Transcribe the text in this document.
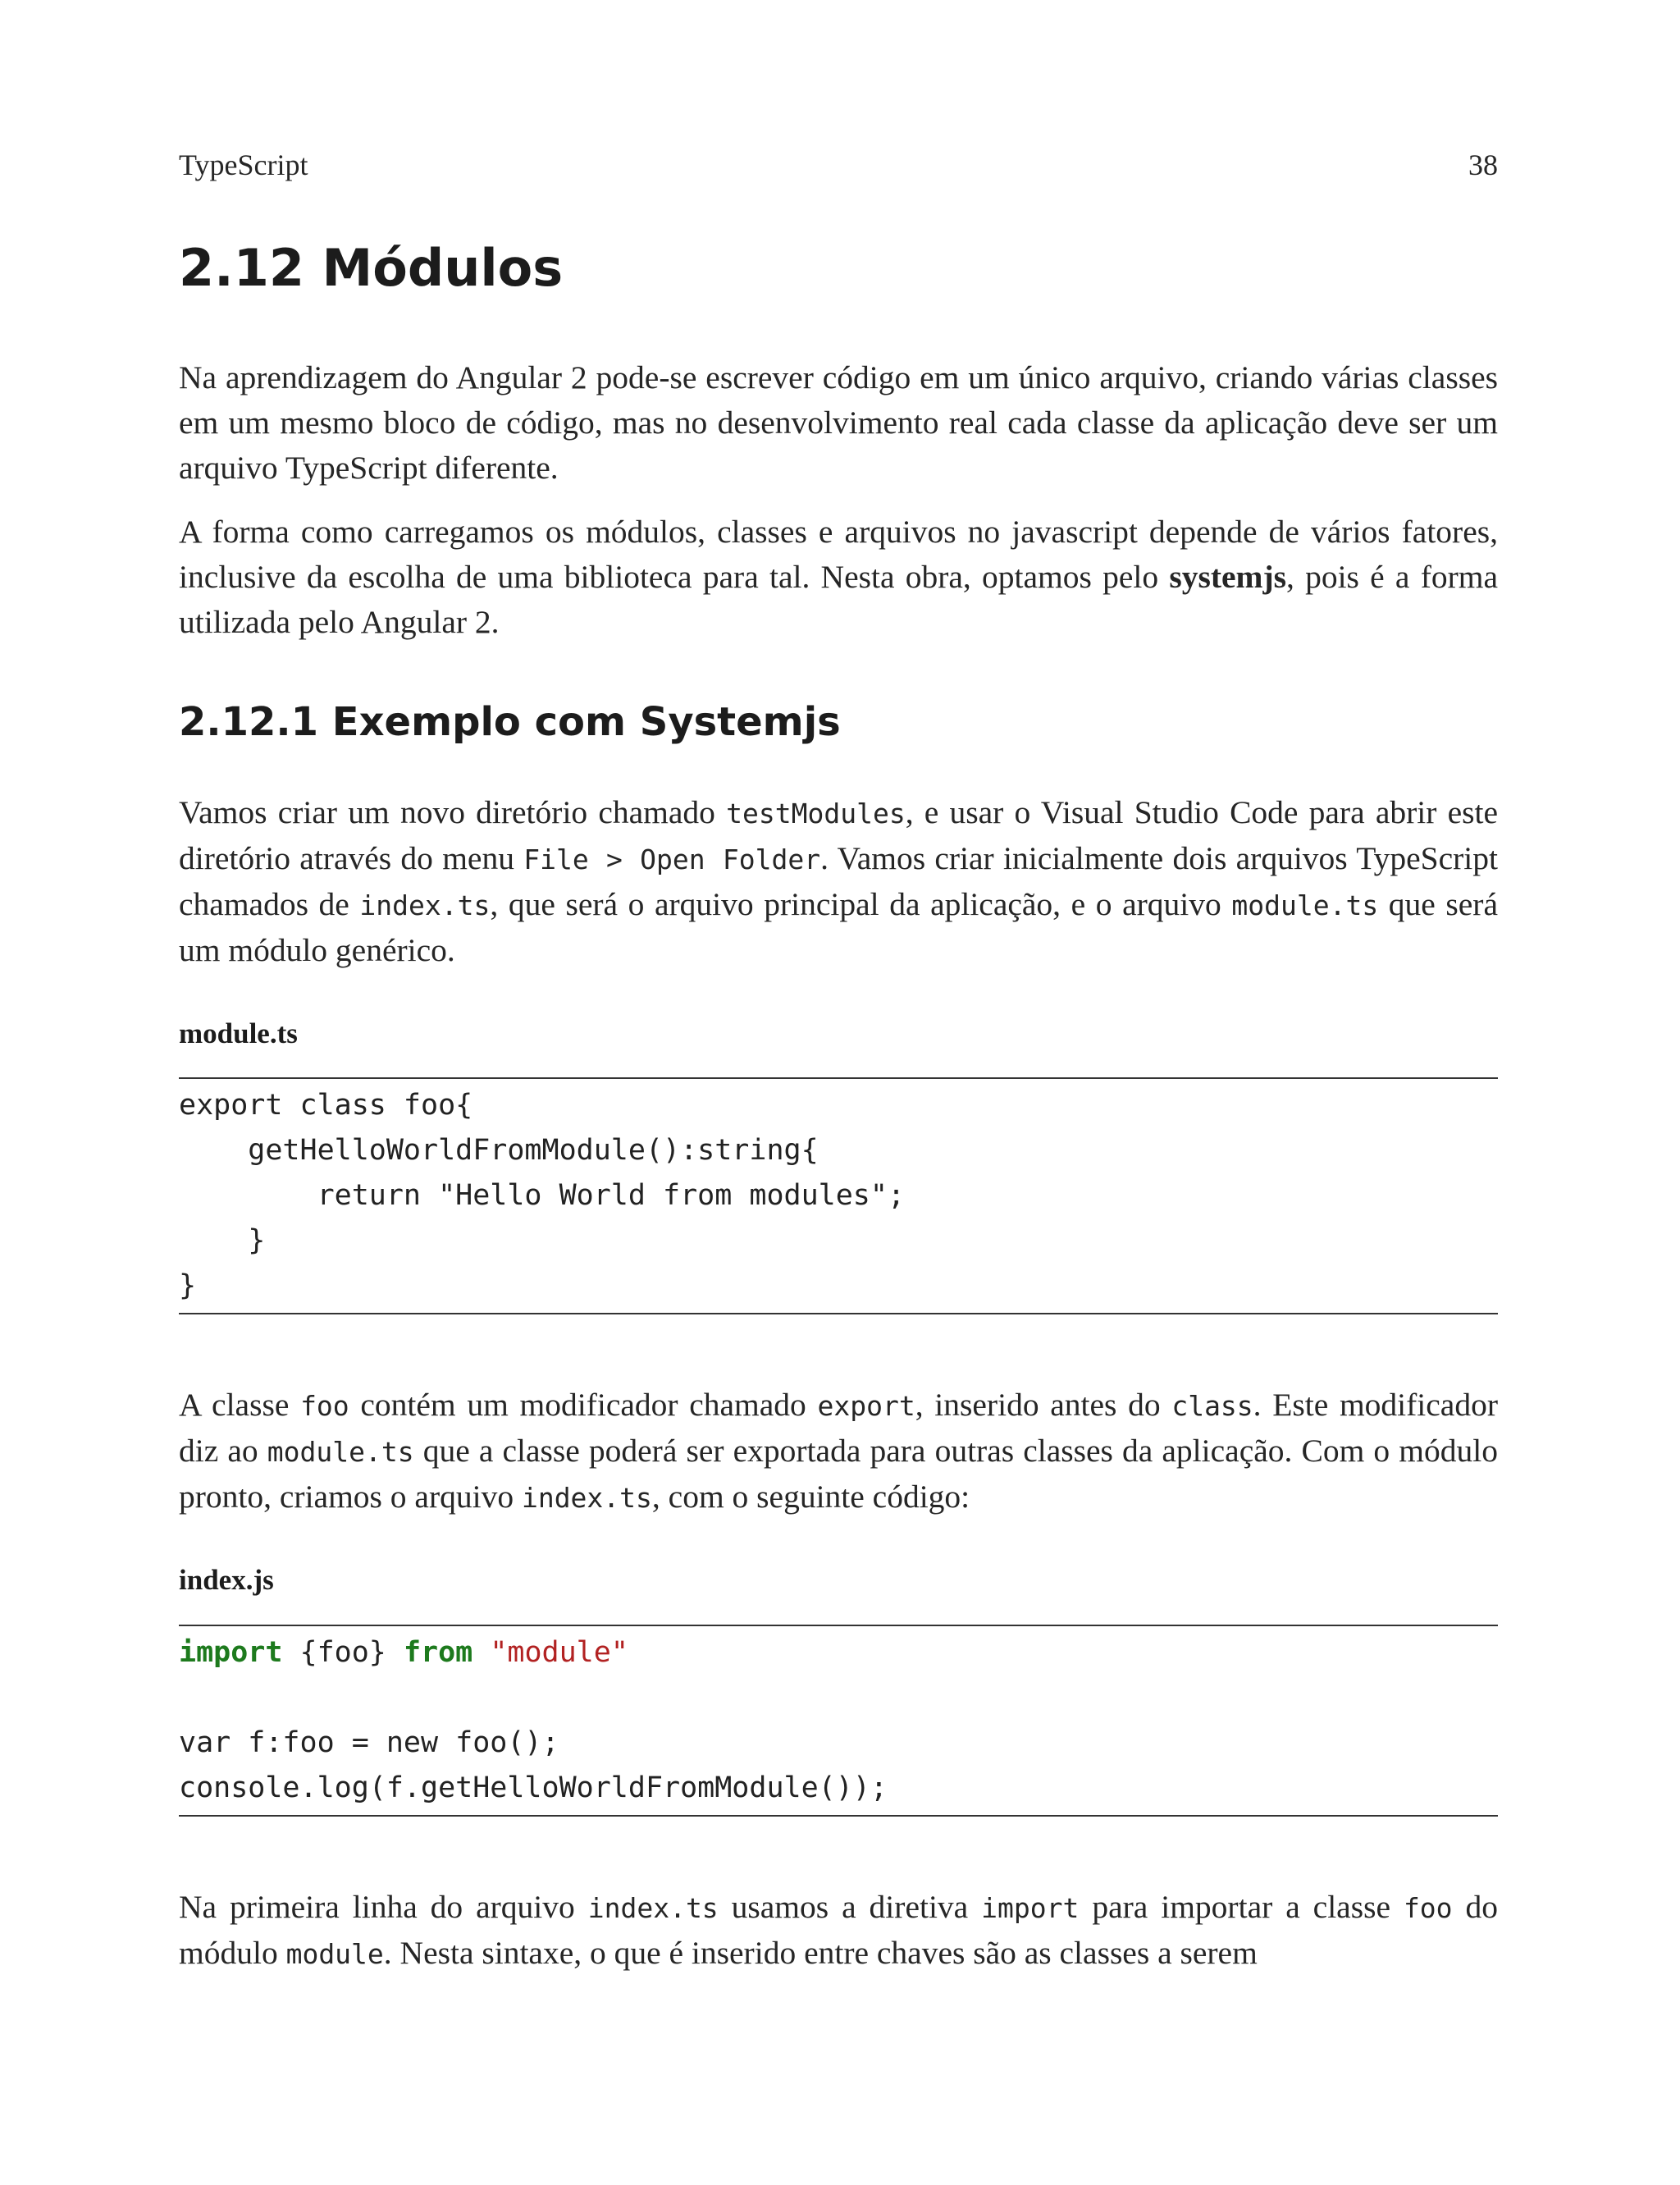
TypeScript	38
2.12 Módulos

Na aprendizagem do Angular 2 pode-se escrever código em um único arquivo, criando várias classes em um mesmo bloco de código, mas no desenvolvimento real cada classe da aplicação deve ser um arquivo TypeScript diferente.

A forma como carregamos os módulos, classes e arquivos no javascript depende de vários fatores, inclusive da escolha de uma biblioteca para tal. Nesta obra, optamos pelo systemjs, pois é a forma utilizada pelo Angular 2.

2.12.1 Exemplo com Systemjs

Vamos criar um novo diretório chamado testModules, e usar o Visual Studio Code para abrir este diretório através do menu File > Open Folder. Vamos criar inicialmente dois arquivos TypeScript chamados de index.ts, que será o arquivo principal da aplicação, e o arquivo module.ts que será um módulo genérico.

module.ts
export class foo{
getHelloWorldFromModule():string{
return "Hello World from modules";
}
}

A classe foo contém um modificador chamado export, inserido antes do class. Este modificador diz ao module.ts que a classe poderá ser exportada para outras classes da aplicação. Com o módulo pronto, criamos o arquivo index.ts, com o seguinte código:

index.js
import {foo} from "module"
var f:foo = new foo();
console.log(f.getHelloWorldFromModule());

Na primeira linha do arquivo index.ts usamos a diretiva import para importar a classe foo do módulo module. Nesta sintaxe, o que é inserido entre chaves são as classes a serem
